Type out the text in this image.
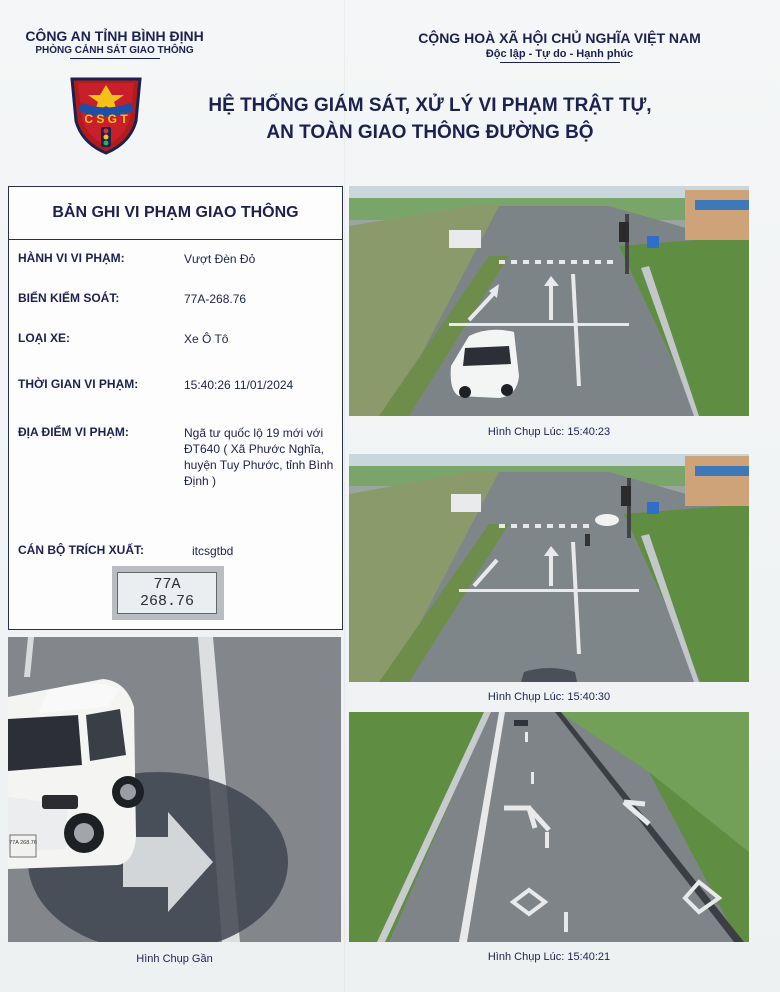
CÔNG AN TỈNH BÌNH ĐỊNH
PHÒNG CẢNH SÁT GIAO THÔNG
CỘNG HOÀ XÃ HỘI CHỦ NGHĨA VIỆT NAM
Độc lập - Tự do - Hạnh phúc
C S G T
HỆ THỐNG GIÁM SÁT, XỬ LÝ VI PHẠM TRẬT TỰ,
AN TOÀN GIAO THÔNG ĐƯỜNG BỘ
BẢN GHI VI PHẠM GIAO THÔNG
HÀNH VI VI PHẠM:	Vượt Đèn Đỏ
BIỂN KIỂM SOÁT:	77A-268.76
LOẠI XE:	Xe Ô Tô
THỜI GIAN VI PHẠM:	15:40:26 11/01/2024
ĐỊA ĐIỂM VI PHẠM:	Ngã tư quốc lộ 19 mới với ĐT640 ( Xã Phước Nghĩa, huyện Tuy Phước, tỉnh Bình Định )
CÁN BỘ TRÍCH XUẤT:	itcsgtbd
77A
268.76
77A 268.76
Hình Chụp Gần
Hình Chụp Lúc: 15:40:23
Hình Chụp Lúc: 15:40:30
Hình Chụp Lúc: 15:40:21
